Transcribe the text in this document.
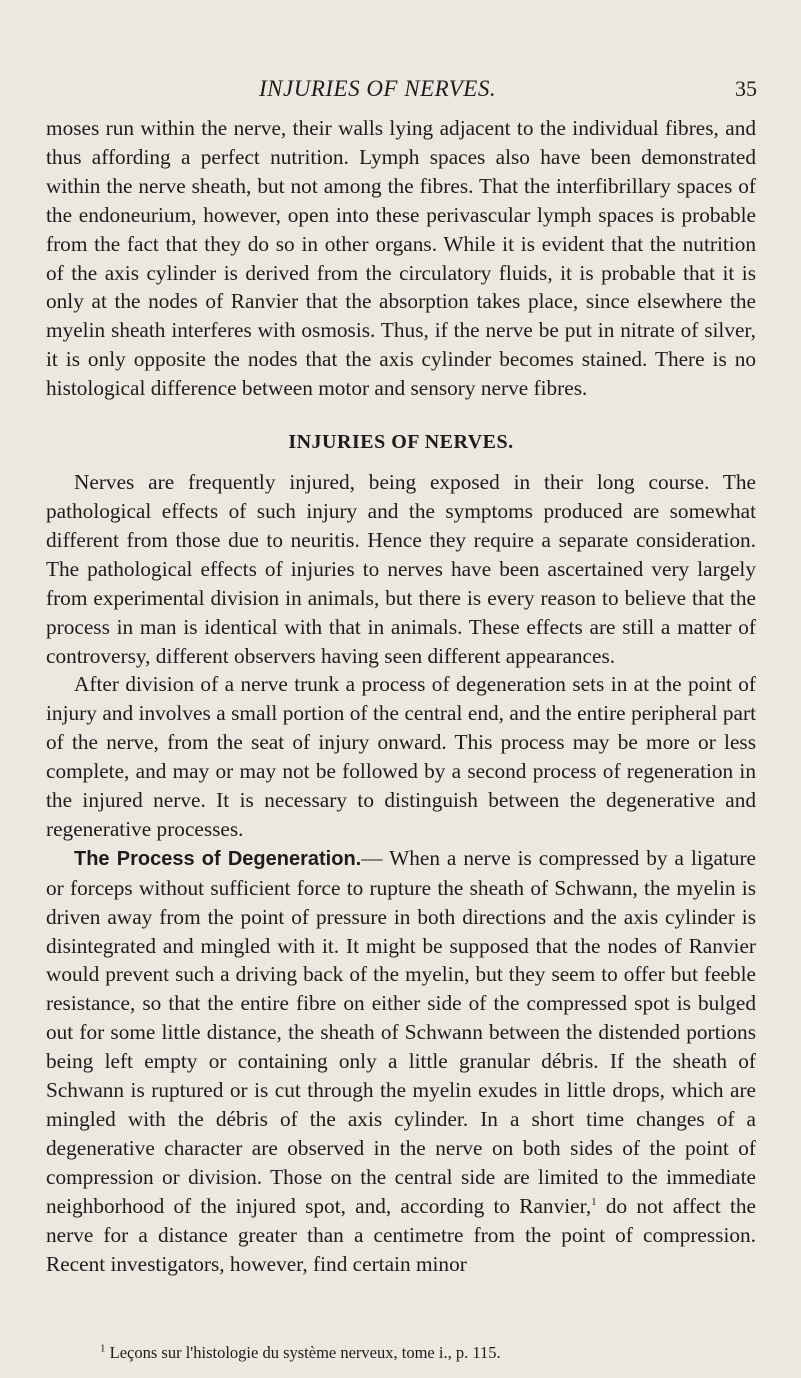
INJURIES OF NERVES.	35

moses run within the nerve, their walls lying adjacent to the individual fibres, and thus affording a perfect nutrition. Lymph spaces also have been demonstrated within the nerve sheath, but not among the fibres. That the interfibrillary spaces of the endoneurium, however, open into these perivascular lymph spaces is probable from the fact that they do so in other organs. While it is evident that the nutrition of the axis cylinder is derived from the circulatory fluids, it is probable that it is only at the nodes of Ranvier that the absorption takes place, since elsewhere the myelin sheath interferes with osmosis. Thus, if the nerve be put in nitrate of silver, it is only opposite the nodes that the axis cylinder becomes stained. There is no histological difference between motor and sensory nerve fibres.

INJURIES OF NERVES.

Nerves are frequently injured, being exposed in their long course. The pathological effects of such injury and the symptoms produced are somewhat different from those due to neuritis. Hence they require a separate consideration. The pathological effects of injuries to nerves have been ascertained very largely from experimental division in animals, but there is every reason to believe that the process in man is identical with that in animals. These effects are still a matter of controversy, different observers having seen different appearances.

After division of a nerve trunk a process of degeneration sets in at the point of injury and involves a small portion of the central end, and the entire peripheral part of the nerve, from the seat of injury onward. This process may be more or less complete, and may or may not be followed by a second process of regeneration in the injured nerve. It is necessary to distinguish between the degenerative and regenerative processes.

The Process of Degeneration.— When a nerve is compressed by a ligature or forceps without sufficient force to rupture the sheath of Schwann, the myelin is driven away from the point of pressure in both directions and the axis cylinder is disintegrated and mingled with it. It might be supposed that the nodes of Ranvier would prevent such a driving back of the myelin, but they seem to offer but feeble resistance, so that the entire fibre on either side of the compressed spot is bulged out for some little distance, the sheath of Schwann between the distended portions being left empty or containing only a little granular débris. If the sheath of Schwann is ruptured or is cut through the myelin exudes in little drops, which are mingled with the débris of the axis cylinder. In a short time changes of a degenerative character are observed in the nerve on both sides of the point of compression or division. Those on the central side are limited to the immediate neighborhood of the injured spot, and, according to Ranvier,$^1$ do not affect the nerve for a distance greater than a centimetre from the point of compression. Recent investigators, however, find certain minor

$^1$ Leçons sur l'histologie du système nerveux, tome i., p. 115.
